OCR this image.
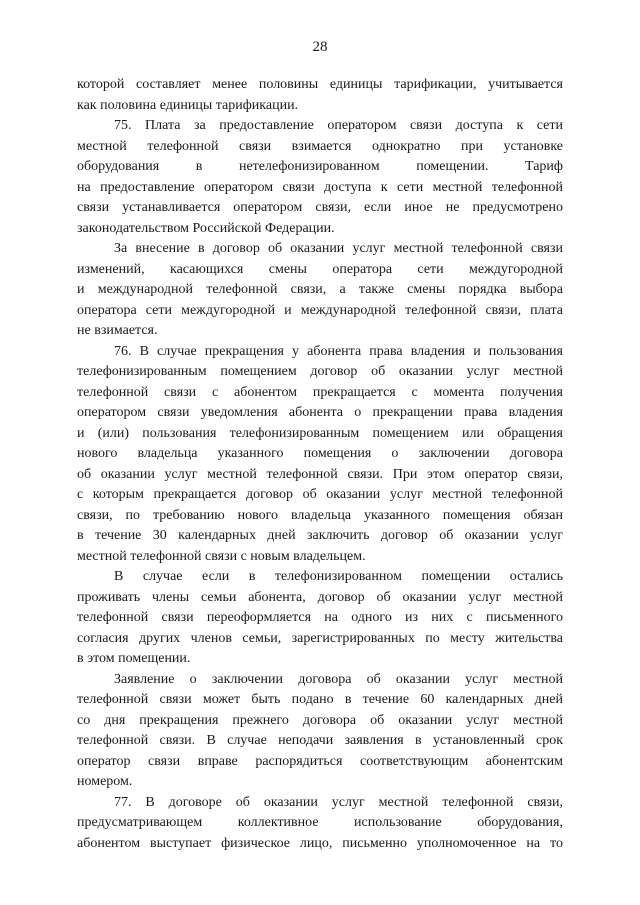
28
которой составляет менее половины единицы тарификации, учитывается
как половина единицы тарификации.
75. Плата за предоставление оператором связи доступа к сети
местной телефонной связи взимается однократно при установке
оборудования в нетелефонизированном помещении. Тариф
на предоставление оператором связи доступа к сети местной телефонной
связи устанавливается оператором связи, если иное не предусмотрено
законодательством Российской Федерации.
За внесение в договор об оказании услуг местной телефонной связи
изменений, касающихся смены оператора сети междугородной
и международной телефонной связи, а также смены порядка выбора
оператора сети междугородной и международной телефонной связи, плата
не взимается.
76. В случае прекращения у абонента права владения и пользования
телефонизированным помещением договор об оказании услуг местной
телефонной связи с абонентом прекращается с момента получения
оператором связи уведомления абонента о прекращении права владения
и (или) пользования телефонизированным помещением или обращения
нового владельца указанного помещения о заключении договора
об оказании услуг местной телефонной связи. При этом оператор связи,
с которым прекращается договор об оказании услуг местной телефонной
связи, по требованию нового владельца указанного помещения обязан
в течение 30 календарных дней заключить договор об оказании услуг
местной телефонной связи с новым владельцем.
В случае если в телефонизированном помещении остались
проживать члены семьи абонента, договор об оказании услуг местной
телефонной связи переоформляется на одного из них с письменного
согласия других членов семьи, зарегистрированных по месту жительства
в этом помещении.
Заявление о заключении договора об оказании услуг местной
телефонной связи может быть подано в течение 60 календарных дней
со дня прекращения прежнего договора об оказании услуг местной
телефонной связи. В случае неподачи заявления в установленный срок
оператор связи вправе распорядиться соответствующим абонентским
номером.
77. В договоре об оказании услуг местной телефонной связи,
предусматривающем коллективное использование оборудования,
абонентом выступает физическое лицо, письменно уполномоченное на то
